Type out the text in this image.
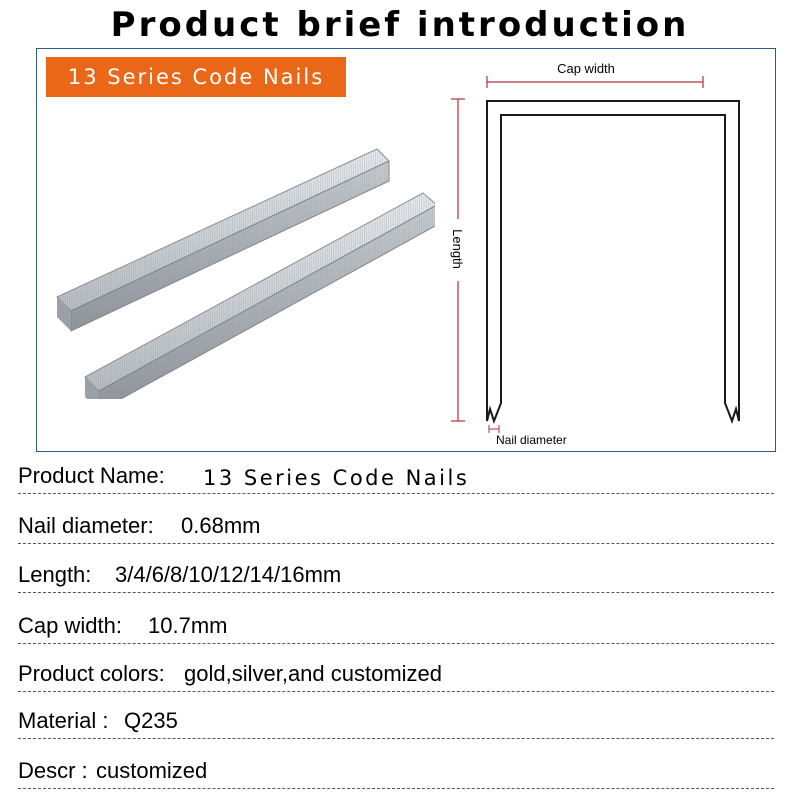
Product brief introduction
13 Series Code Nails	Cap width
Length
Nail diameter
Product Name: 13 Series Code Nails
Nail diameter: 0.68mm
Length: 3/4/6/8/10/12/14/16mm
Cap width: 10.7mm
Product colors: gold,silver,and customized
Material : Q235
Descr : customized
